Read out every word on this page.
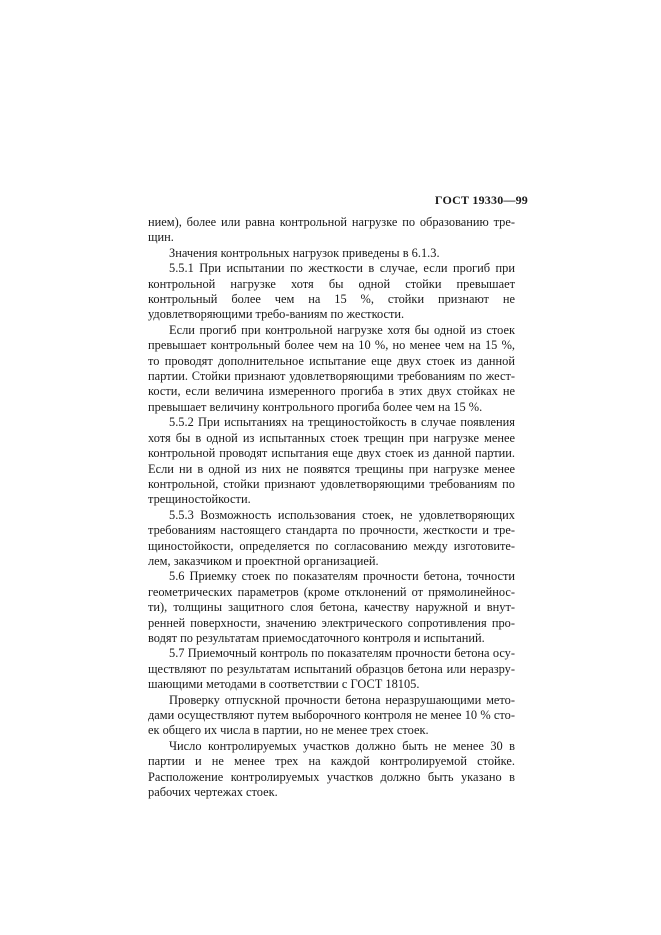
ГОСТ 19330—99

нием), более или равна контрольной нагрузке по образованию тре-щин.

Значения контрольных нагрузок приведены в 6.1.3.

5.5.1 При испытании по жесткости в случае, если прогиб при контрольной нагрузке хотя бы одной стойки превышает контрольный более чем на 15 %, стойки признают не удовлетворяющими требо-ваниям по жесткости.

Если прогиб при контрольной нагрузке хотя бы одной из стоек превышает контрольный более чем на 10 %, но менее чем на 15 %, то проводят дополнительное испытание еще двух стоек из данной партии. Стойки признают удовлетворяющими требованиям по жест-кости, если величина измеренного прогиба в этих двух стойках не превышает величину контрольного прогиба более чем на 15 %.

5.5.2 При испытаниях на трещиностойкость в случае появления хотя бы в одной из испытанных стоек трещин при нагрузке менее контрольной проводят испытания еще двух стоек из данной партии. Если ни в одной из них не появятся трещины при нагрузке менее контрольной, стойки признают удовлетворяющими требованиям по трещиностойкости.

5.5.3 Возможность использования стоек, не удовлетворяющих требованиям настоящего стандарта по прочности, жесткости и тре-щиностойкости, определяется по согласованию между изготовите-лем, заказчиком и проектной организацией.

5.6 Приемку стоек по показателям прочности бетона, точности геометрических параметров (кроме отклонений от прямолинейнос-ти), толщины защитного слоя бетона, качеству наружной и внут-ренней поверхности, значению электрического сопротивления про-водят по результатам приемосдаточного контроля и испытаний.

5.7 Приемочный контроль по показателям прочности бетона осу-ществляют по результатам испытаний образцов бетона или неразру-шающими методами в соответствии с ГОСТ 18105.

Проверку отпускной прочности бетона неразрушающими мето-дами осуществляют путем выборочного контроля не менее 10 % сто-ек общего их числа в партии, но не менее трех стоек.

Число контролируемых участков должно быть не менее 30 в партии и не менее трех на каждой контролируемой стойке. Расположение контролируемых участков должно быть указано в рабочих чертежах стоек.
